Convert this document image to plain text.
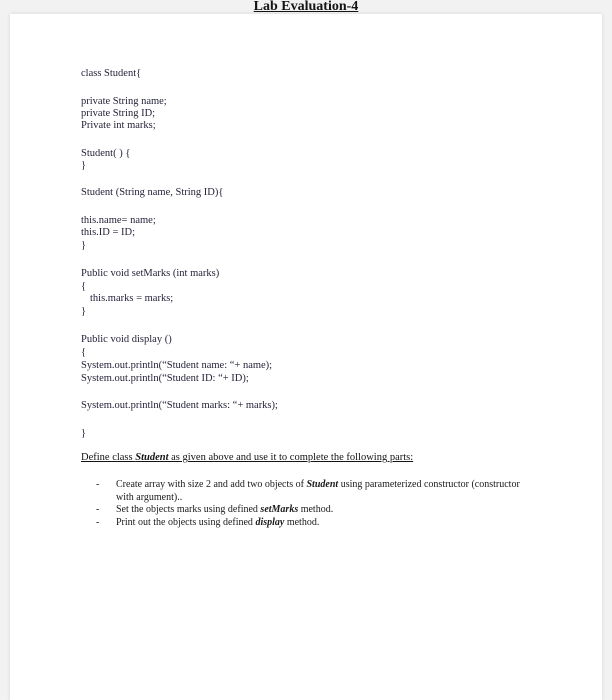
Lab Evaluation-4
class Student{
private String name;
private String ID;
Private int marks;
Student( ) {
}
Student (String name, String ID){
this.name= name;
this.ID = ID;
}
Public void setMarks (int marks)
{
this.marks = marks;
}
Public void display ()
{
System.out.println(“Student name: “+ name);
System.out.println(“Student ID: “+ ID);
System.out.println(“Student marks: “+ marks);
}
Define class Student as given above and use it to complete the following parts:
-	Create array with size 2 and add two objects of Student using parameterized constructor (constructor with argument)..
-	Set the objects marks using defined setMarks method.
-	Print out the objects using defined display method.
